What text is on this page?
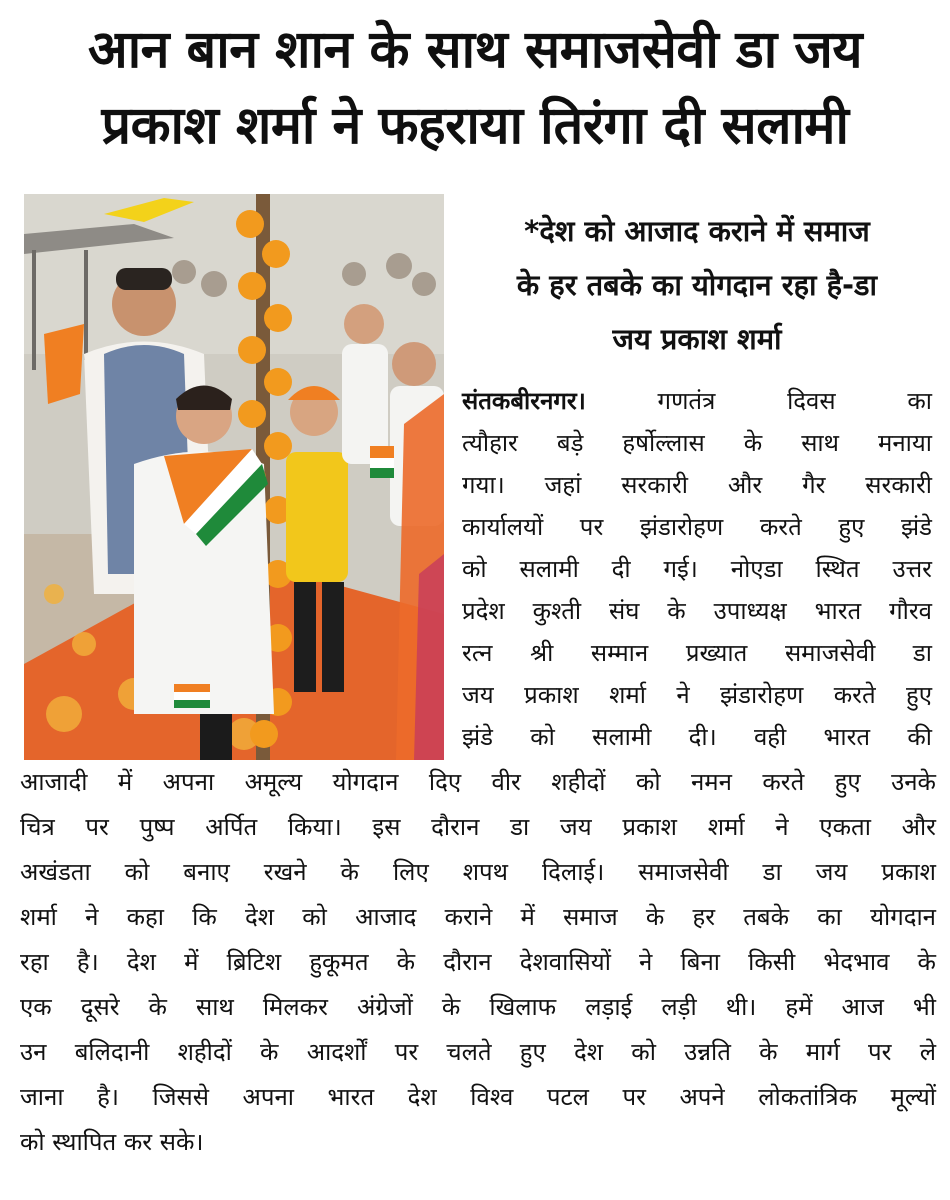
आन बान शान के साथ समाजसेवी डा जय
प्रकाश शर्मा ने फहराया तिरंगा दी सलामी
*देश को आजाद कराने में समाज
के हर तबके का योगदान रहा है-डा
जय प्रकाश शर्मा
संतकबीरनगर। गणतंत्र दिवस का
त्यौहार बड़े हर्षोल्लास के साथ मनाया
गया। जहां सरकारी और गैर सरकारी
कार्यालयों पर झंडारोहण करते हुए झंडे
को सलामी दी गई। नोएडा स्थित उत्तर
प्रदेश कुश्ती संघ के उपाध्यक्ष भारत गौरव
रत्न श्री सम्मान प्रख्यात समाजसेवी डा
जय प्रकाश शर्मा ने झंडारोहण करते हुए
झंडे को सलामी दी। वही भारत की
आजादी में अपना अमूल्य योगदान दिए वीर शहीदों को नमन करते हुए उनके
चित्र पर पुष्प अर्पित किया। इस दौरान डा जय प्रकाश शर्मा ने एकता और
अखंडता को बनाए रखने के लिए शपथ दिलाई। समाजसेवी डा जय प्रकाश
शर्मा ने कहा कि देश को आजाद कराने में समाज के हर तबके का योगदान
रहा है। देश में ब्रिटिश हुकूमत के दौरान देशवासियों ने बिना किसी भेदभाव के
एक दूसरे के साथ मिलकर अंग्रेजों के खिलाफ लड़ाई लड़ी थी। हमें आज भी
उन बलिदानी शहीदों के आदर्शों पर चलते हुए देश को उन्नति के मार्ग पर ले
जाना है। जिससे अपना भारत देश विश्व पटल पर अपने लोकतांत्रिक मूल्यों
को स्थापित कर सके।
